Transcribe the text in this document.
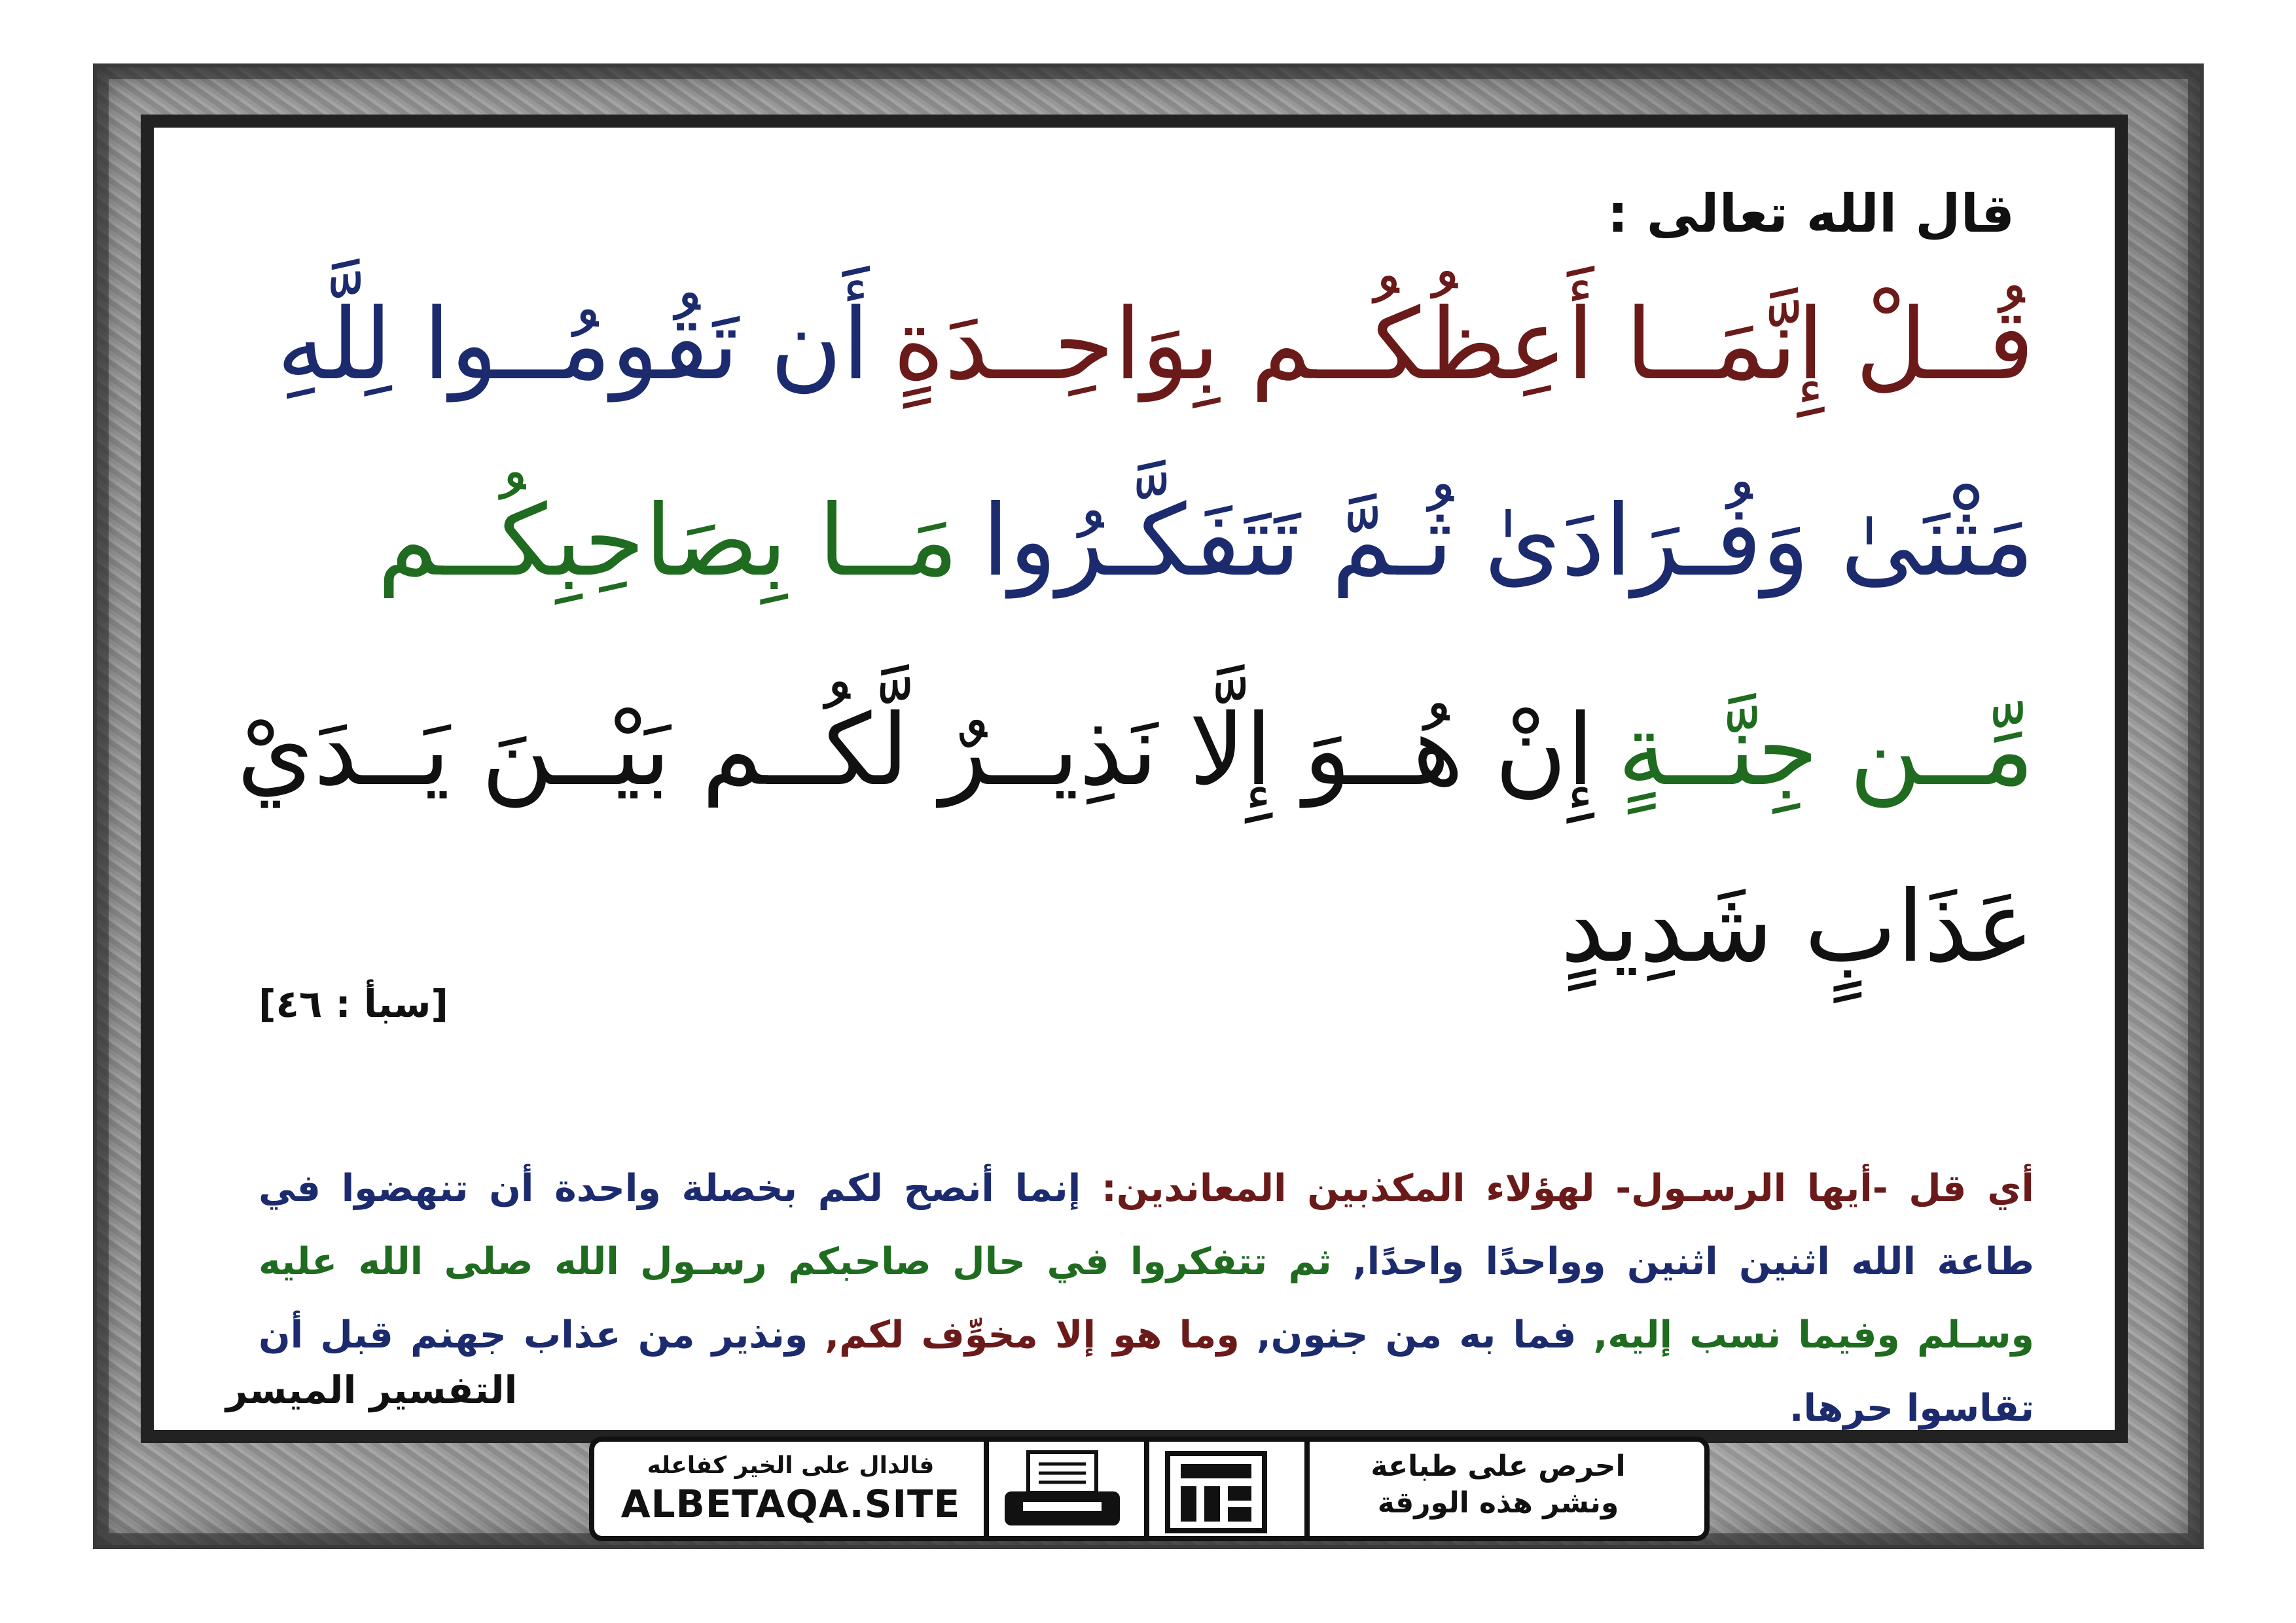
قال الله تعالى :
قُــلْ إِنَّمَــا أَعِظُكُــم بِوَاحِــدَةٍأَن تَقُومُــوا لِلَّهِ
مَثْنَىٰ وَفُـرَادَىٰ ثُـمَّ تَتَفَكَّـرُوامَــا بِصَاحِبِكُــم
مِّــن جِنَّــةٍإِنْ هُــوَ إِلَّا نَذِيــرٌ لَّكُــم بَيْــنَ يَــدَيْ
عَذَابٍ شَدِيدٍ
[سبأ : ٤٦]
أي قل -أيها الرسـول- لهؤلاء المكذبين المعاندين: إنما أنصح لكم بخصلة واحدة أن تنهضوا في طاعة الله اثنين اثنين وواحدًا واحدًا, ثم تتفكروا في حال صاحبكم رسـول الله صلى الله عليه وسـلم وفيما نسب إليه, فما به من جنون, وما هو إلا مخوِّف لكم, ونذير من عذاب جهنم قبل أن تقاسوا حرها.
التفسير الميسر
فالدال على الخير كفاعله
ALBETAQA.SITE
احرص على طباعة
ونشر هذه الورقة
